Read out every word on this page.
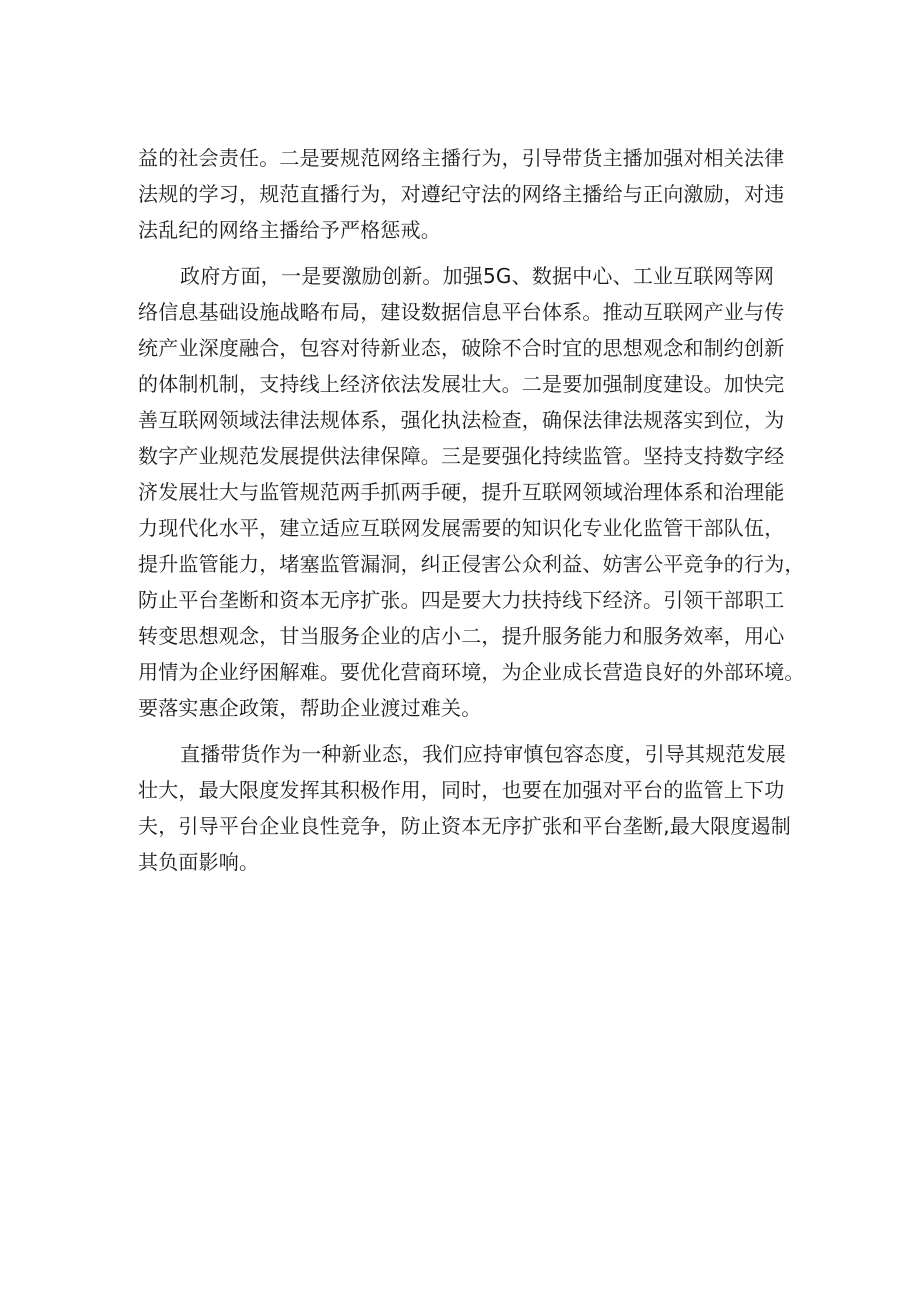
益的社会责任。二是要规范网络主播行为，引导带货主播加强对相关法律
法规的学习，规范直播行为，对遵纪守法的网络主播给与正向激励，对违
法乱纪的网络主播给予严格惩戒。
政府方面，一是要激励创新。加强5G、数据中心、工业互联网等网
络信息基础设施战略布局，建设数据信息平台体系。推动互联网产业与传
统产业深度融合，包容对待新业态，破除不合时宜的思想观念和制约创新
的体制机制，支持线上经济依法发展壮大。二是要加强制度建设。加快完
善互联网领域法律法规体系，强化执法检查，确保法律法规落实到位，为
数字产业规范发展提供法律保障。三是要强化持续监管。坚持支持数字经
济发展壮大与监管规范两手抓两手硬，提升互联网领域治理体系和治理能
力现代化水平，建立适应互联网发展需要的知识化专业化监管干部队伍，
提升监管能力，堵塞监管漏洞，纠正侵害公众利益、妨害公平竞争的行为，
防止平台垄断和资本无序扩张。四是要大力扶持线下经济。引领干部职工
转变思想观念，甘当服务企业的店小二，提升服务能力和服务效率，用心
用情为企业纾困解难。要优化营商环境，为企业成长营造良好的外部环境。
要落实惠企政策，帮助企业渡过难关。
直播带货作为一种新业态，我们应持审慎包容态度，引导其规范发展
壮大，最大限度发挥其积极作用，同时，也要在加强对平台的监管上下功
夫，引导平台企业良性竞争，防止资本无序扩张和平台垄断,最大限度遏制
其负面影响。
